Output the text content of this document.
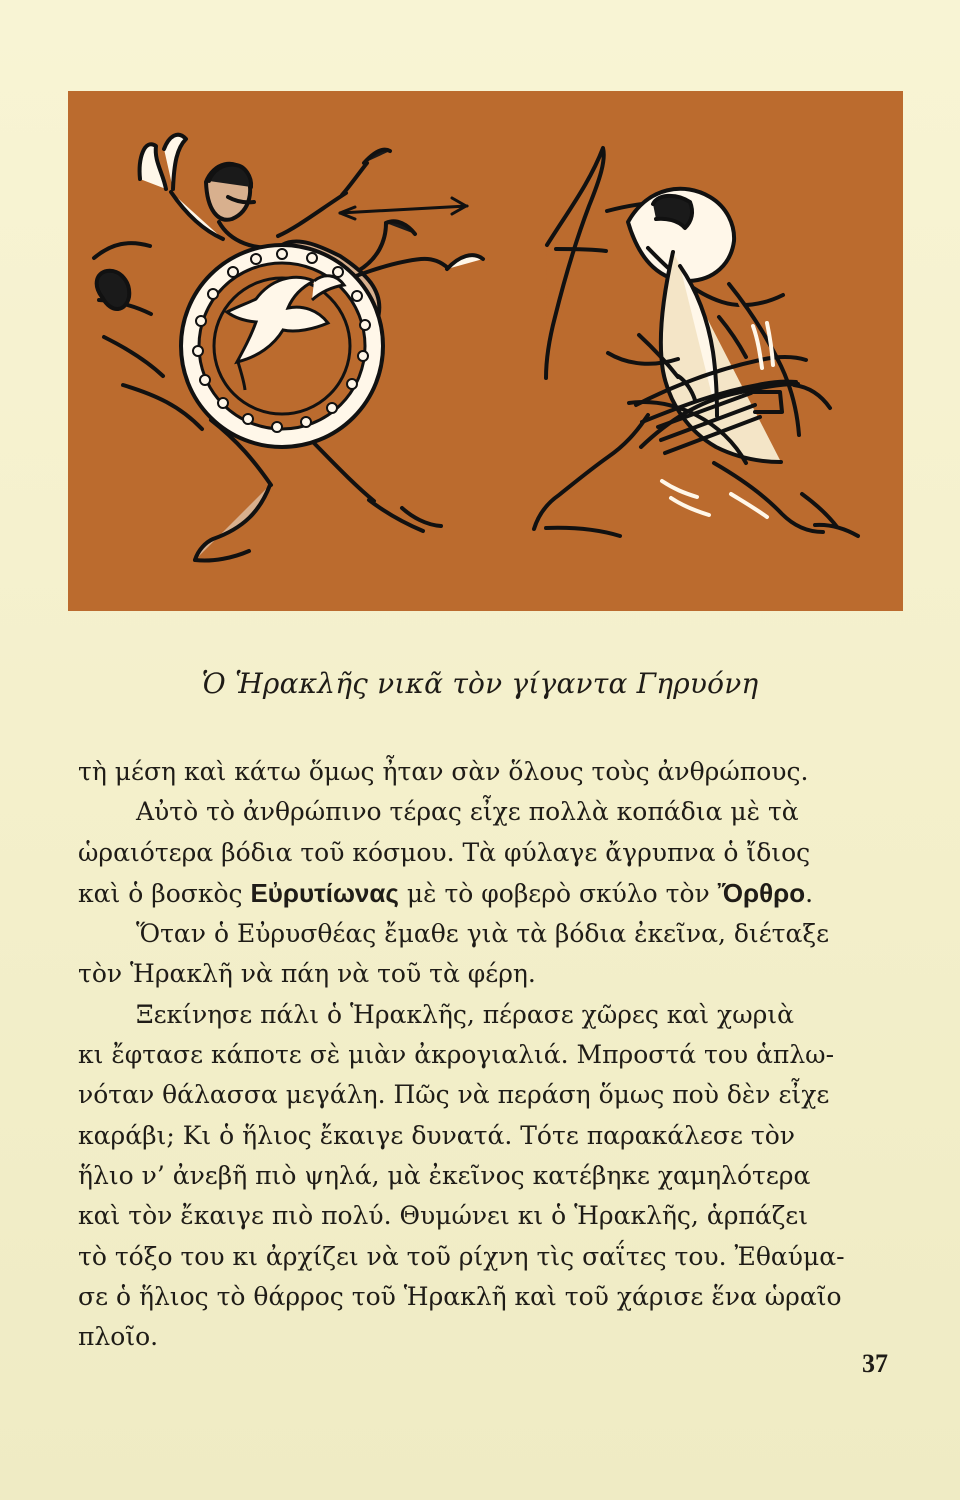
Ὁ Ἡρακλῆς νικᾶ τὸν γίγαντα Γηρυόνη
τὴ μέση καὶ κάτω ὅμως ἦταν σὰν ὅλους τοὺς ἀνθρώπους.
Αὐτὸ τὸ ἀνθρώπινο τέρας εἶχε πολλὰ κοπάδια μὲ τὰ
ὡραιότερα βόδια τοῦ κόσμου. Τὰ φύλαγε ἄγρυπνα ὁ ἴδιος
καὶ ὁ βοσκὸς Εὐρυτίωνας μὲ τὸ φοβερὸ σκύλο τὸν Ὄρθρο.
Ὅταν ὁ Εὐρυσθέας ἔμαθε γιὰ τὰ βόδια ἐκεῖνα, διέταξε
τὸν Ἡρακλῆ νὰ πάη νὰ τοῦ τὰ φέρη.
Ξεκίνησε πάλι ὁ Ἡρακλῆς, πέρασε χῶρες καὶ χωριὰ
κι ἔφτασε κάποτε σὲ μιὰν ἀκρογιαλιά. Μπροστά του ἁπλω-
νόταν θάλασσα μεγάλη. Πῶς νὰ περάση ὅμως ποὺ δὲν εἶχε
καράβι; Κι ὁ ἥλιος ἔκαιγε δυνατά. Τότε παρακάλεσε τὸν
ἥλιο ν’ ἀνεβῆ πιὸ ψηλά, μὰ ἐκεῖνος κατέβηκε χαμηλότερα
καὶ τὸν ἔκαιγε πιὸ πολύ. Θυμώνει κι ὁ Ἡρακλῆς, ἁρπάζει
τὸ τόξο του κι ἀρχίζει νὰ τοῦ ρίχνη τὶς σαΐτες του. Ἐθαύμα-
σε ὁ ἥλιος τὸ θάρρος τοῦ Ἡρακλῆ καὶ τοῦ χάρισε ἕνα ὡραῖο
πλοῖο.
37
